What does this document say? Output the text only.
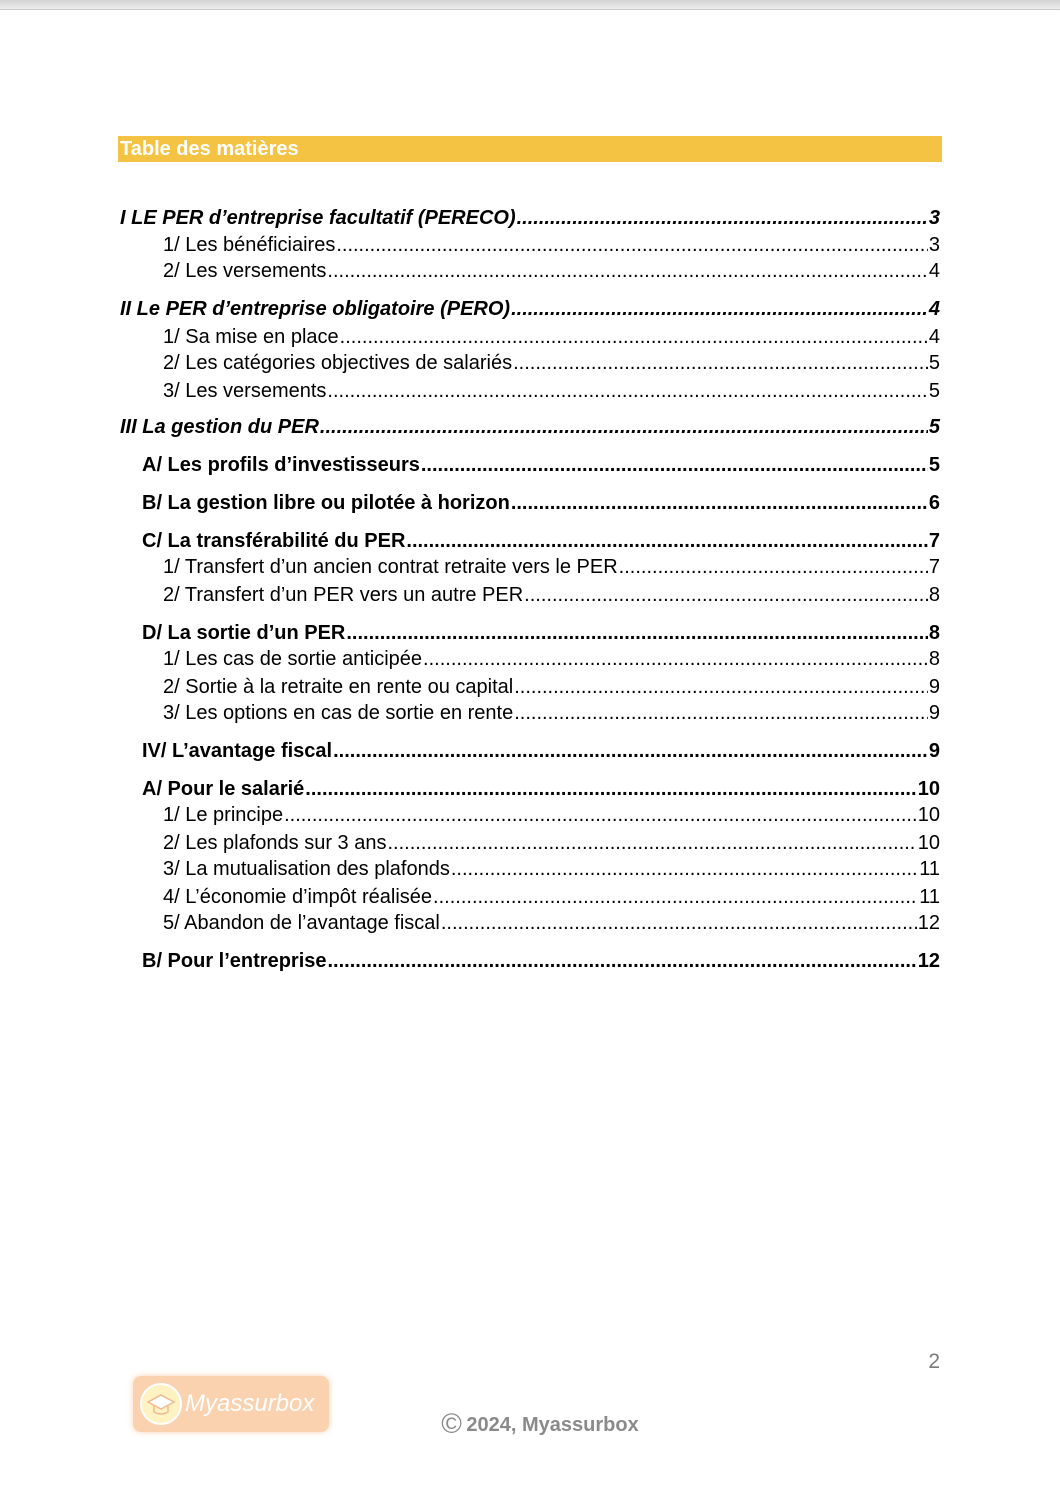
Table des matières
I LE PER d’entreprise facultatif (PERECO) .....	3
1/ Les bénéficiaires .....	3
2/ Les versements .....	4
II Le PER d’entreprise obligatoire (PERO) .....	4
1/ Sa mise en place .....	4
2/ Les catégories objectives de salariés .....	5
3/ Les versements .....	5
III La gestion du PER .....	5
A/ Les profils d’investisseurs .....	5
B/ La gestion libre ou pilotée à horizon .....	6
C/ La transférabilité du PER .....	7
1/ Transfert d’un ancien contrat retraite vers le PER .....	7
2/ Transfert d’un PER vers un autre PER .....	8
D/ La sortie d’un PER .....	8
1/ Les cas de sortie anticipée .....	8
2/ Sortie à la retraite en rente ou capital .....	9
3/ Les options en cas de sortie en rente .....	9
IV/ L’avantage fiscal .....	9
A/ Pour le salarié .....	10
1/ Le principe .....	10
2/ Les plafonds sur 3 ans .....	10
3/ La mutualisation des plafonds .....	11
4/ L’économie d’impôt réalisée .....	11
5/ Abandon de l’avantage fiscal .....	12
B/ Pour l’entreprise .....	12
2
Myassurbox
© 2024, Myassurbox
